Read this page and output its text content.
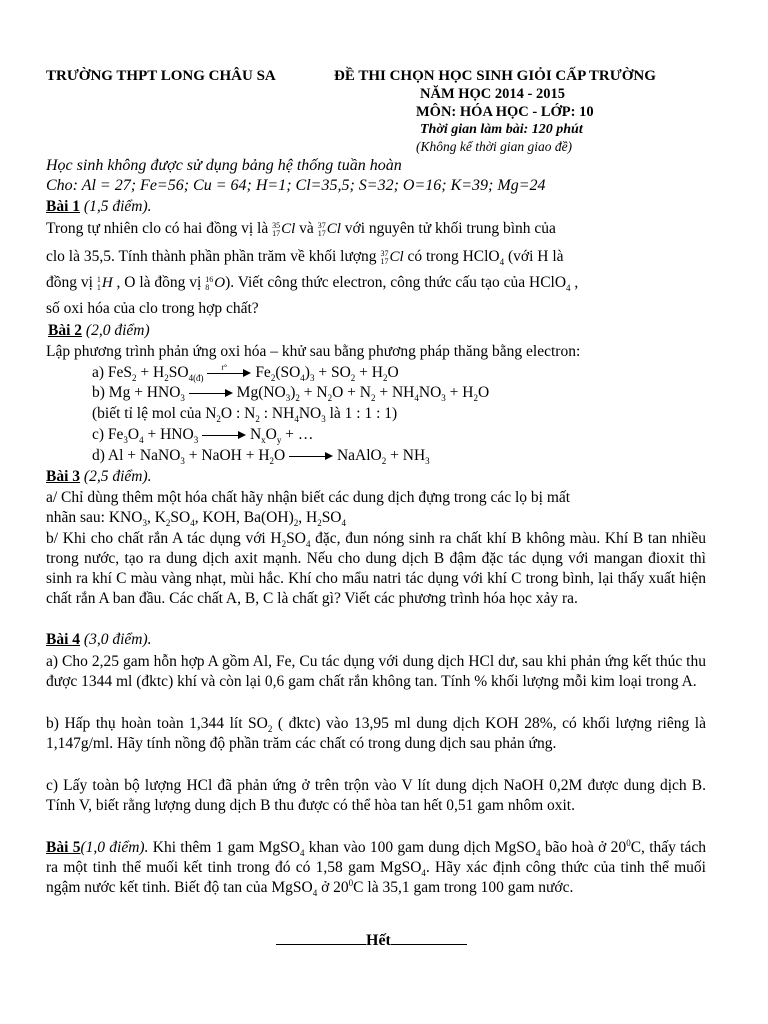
TRƯỜNG THPT LONG CHÂU SA	ĐỀ THI CHỌN HỌC SINH GIỎI CẤP TRƯỜNG
NĂM HỌC 2014 - 2015
MÔN: HÓA HỌC - LỚP: 10
Thời gian làm bài: 120 phút
(Không kể thời gian giao đề)
Học sinh không được sử dụng bảng hệ thống tuần hoàn
Cho: Al = 27; Fe=56; Cu = 64; H=1; Cl=35,5; S=32; O=16; K=39; Mg=24
Bài 1 (1,5 điểm).
Trong tự nhiên clo có hai đồng vị là 35
17 Cl và 37
17 Cl với nguyên tử khối trung bình của
clo là 35,5. Tính thành phần phần trăm về khối lượng 37
17 Cl có trong HClO$_4$ (với H là
đồng vị 1
1 H , O là đồng vị 16
8 O). Viết công thức electron, công thức cấu tạo của HClO$_4$ ,
số oxi hóa của clo trong hợp chất?
Bài 2 (2,0 điểm)
Lập phương trình phản ứng oxi hóa – khử sau bằng phương pháp thăng bằng electron:
a) $FeS_2 + H_2SO_{4(đ)}$
t° $Fe_2(SO_4)_3 + SO_2 + H_2O$
b) $Mg + HNO_3$	$Mg(NO_3)_2 + N_2O + N_2 + NH_4NO_3 + H_2O$
(biết tỉ lệ mol của $N_2O$ : $N_2$ : $NH_4NO_3$ là 1 : 1 : 1)
c) $Fe_3O_4 + HNO_3$	$N_xO_y$ + …
d) Al + NaNO$_3$ + NaOH + $H_2O$	NaAlO$_2$ + $NH_3$
Bài 3 (2,5 điểm).
a/ Chỉ dùng thêm một hóa chất hãy nhận biết các dung dịch đựng trong các lọ bị mất
nhãn sau: $KNO_3$, $K_2SO_4$, KOH, $Ba(OH)_2$, $H_2SO_4$
b/ Khi cho chất rắn A tác dụng với $H_2SO_4$ đặc, đun nóng sinh ra chất khí B không màu. Khí B tan nhiều trong nước, tạo ra dung dịch axit mạnh. Nếu cho dung dịch B đậm đặc tác dụng với mangan đioxit thì sinh ra khí C màu vàng nhạt, mùi hắc. Khí cho mẩu natri tác dụng với khí C trong bình, lại thấy xuất hiện chất rắn A ban đầu. Các chất A, B, C là chất gì? Viết các phương trình hóa học xảy ra.
Bài 4 (3,0 điểm).
a) Cho 2,25 gam hỗn hợp A gồm Al, Fe, Cu tác dụng với dung dịch HCl dư, sau khi phản ứng kết thúc thu được 1344 ml (đktc) khí và còn lại 0,6 gam chất rắn không tan. Tính % khối lượng mỗi kim loại trong A.
b) Hấp thụ hoàn toàn 1,344 lít $SO_2$ ( đktc) vào 13,95 ml dung dịch KOH 28%, có khối lượng riêng là 1,147g/ml. Hãy tính nồng độ phần trăm các chất có trong dung dịch sau phản ứng.
c) Lấy toàn bộ lượng HCl đã phản ứng ở trên trộn vào V lít dung dịch NaOH 0,2M được dung dịch B. Tính V, biết rằng lượng dung dịch B thu được có thể hòa tan hết 0,51 gam nhôm oxit.
Bài 5(1,0 điểm). Khi thêm 1 gam MgSO$_4$ khan vào 100 gam dung dịch MgSO$_4$ bão hoà ở $20^0C$, thấy tách ra một tinh thể muối kết tinh trong đó có 1,58 gam MgSO$_4$. Hãy xác định công thức của tinh thể muối ngậm nước kết tinh. Biết độ tan của MgSO$_4$ ở $20^0C$ là 35,1 gam trong 100 gam nước.
Hết
